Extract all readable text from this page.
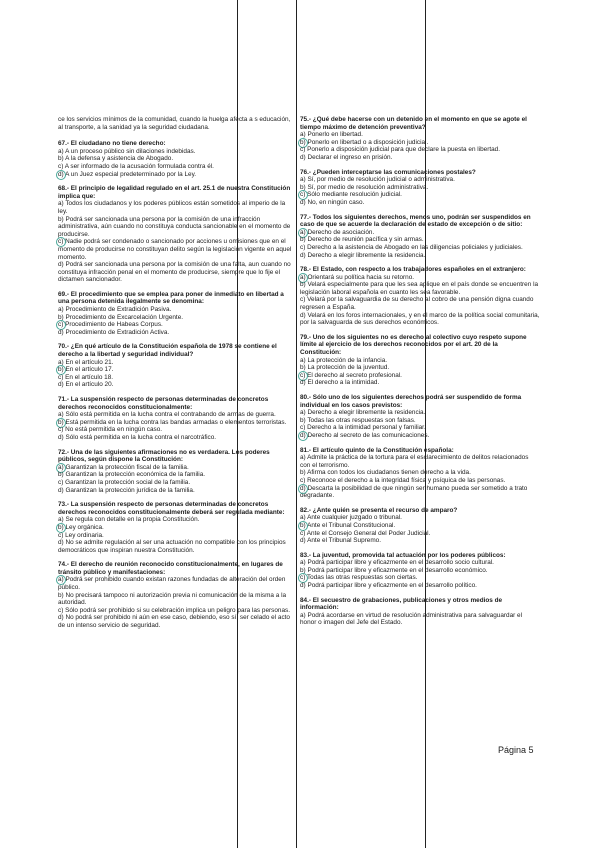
ce los servicios mínimos de la comunidad, cuando la huelga afecta a s educación, al transporte, a la sanidad ya la seguridad ciudadana.
67.- El ciudadano no tiene derecho:
a) A un proceso público sin dilaciones indebidas.
b) A la defensa y asistencia de Abogado.
c) A ser informado de la acusación formulada contra él.
d) A un Juez especial predeterminado por la Ley.
68.- El principio de legalidad regulado en el art. 25.1 de nuestra Constitución implica que:
a) Todos los ciudadanos y los poderes públicos están sometidos al imperio de la ley.
b) Podrá ser sancionada una persona por la comisión de una infracción administrativa, aún cuando no constituya conducta sancionable en el momento de producirse.
c) Nadie podrá ser condenado o sancionado por acciones u omisiones que en el momento de producirse no constituyan delito según la legislación vigente en aquel momento.
d) Podrá ser sancionada una persona por la comisión de una falta, aun cuando no constituya infracción penal en el momento de producirse, siempre que lo fije el dictamen sancionador.
69.- El procedimiento que se emplea para poner de inmediato en libertad a una persona detenida ilegalmente se denomina:
a) Procedimiento de Extradición Pasiva.
b) Procedimiento de Excarcelación Urgente.
c) Procedimiento de Habeas Corpus.
d) Procedimiento de Extradición Activa.
70.- ¿En qué artículo de la Constitución española de 1978 se contiene el derecho a la libertad y seguridad individual?
a) En el artículo 21.
b) En el artículo 17.
c) En el artículo 18.
d) En el artículo 20.
71.- La suspensión respecto de personas determinadas de concretos derechos reconocidos constitucionalmente:
a) Sólo está permitida en la lucha contra el contrabando de armas de guerra.
b) Está permitida en la lucha contra las bandas armadas o elementos terroristas.
c) No está permitida en ningún caso.
d) Sólo está permitida en la lucha contra el narcotráfico.
72.- Una de las siguientes afirmaciones no es verdadera. Los poderes públicos, según dispone la Constitución:
a) Garantizan la protección fiscal de la familia.
b) Garantizan la protección económica de la familia.
c) Garantizan la protección social de la familia.
d) Garantizan la protección jurídica de la familia.
73.- La suspensión respecto de personas determinadas de concretos derechos reconocidos constitucionalmente deberá ser regulada mediante:
a) Se regula con detalle en la propia Constitución.
b) Ley orgánica.
c) Ley ordinaria.
d) No se admite regulación al ser una actuación no compatible con los principios democráticos que inspiran nuestra Constitución.
74.- El derecho de reunión reconocido constitucionalmente, en lugares de tránsito público y manifestaciones:
a) Podrá ser prohibido cuando existan razones fundadas de alteración del orden público.
b) No precisará tampoco ni autorización previa ni comunicación de la misma a la autoridad.
c) Sólo podrá ser prohibido si su celebración implica un peligro para las personas.
d) No podrá ser prohibido ni aún en ese caso, debiendo, eso sí, ser celado el acto de un intenso servicio de seguridad.
75.- ¿Qué debe hacerse con un detenido en el momento en que se agote el tiempo máximo de detención preventiva?
a) Ponerlo en libertad.
b) Ponerlo en libertad o a disposición judicial.
c) Ponerlo a disposición judicial para que declare la puesta en libertad.
d) Declarar el ingreso en prisión.
76.- ¿Pueden interceptarse las comunicaciones postales?
a) Sí, por medio de resolución judicial o administrativa.
b) Sí, por medio de resolución administrativa.
c) Sólo mediante resolución judicial.
d) No, en ningún caso.
77.- Todos los siguientes derechos, menos uno, podrán ser suspendidos en caso de que se acuerde la declaración de estado de excepción o de sitio:
a) Derecho de asociación.
b) Derecho de reunión pacífica y sin armas.
c) Derecho a la asistencia de Abogado en las diligencias policiales y judiciales.
d) Derecho a elegir libremente la residencia.
78.- El Estado, con respecto a los trabajadores españoles en el extranjero:
a) Orientará su política hacia su retorno.
b) Velará especialmente para que les sea aplique en el país donde se encuentren la legislación laboral española en cuanto les sea favorable.
c) Velará por la salvaguardia de su derecho al cobro de una pensión digna cuando regresen a España.
d) Velará en los foros internacionales, y en el marco de la política social comunitaria, por la salvaguarda de sus derechos económicos.
79.- Uno de los siguientes no es derecho al colectivo cuyo respeto supone límite al ejercicio de los derechos reconocidos por el art. 20 de la Constitución:
a) La protección de la infancia.
b) La protección de la juventud.
c) El derecho al secreto profesional.
d) El derecho a la intimidad.
80.- Sólo uno de los siguientes derechos podrá ser suspendido de forma individual en los casos previstos:
a) Derecho a elegir libremente la residencia.
b) Todas las otras respuestas son falsas.
c) Derecho a la intimidad personal y familiar.
d) Derecho al secreto de las comunicaciones.
81.- El artículo quinto de la Constitución española:
a) Admite la práctica de la tortura para el esclarecimiento de delitos relacionados con el terrorismo.
b) Afirma con todos los ciudadanos tienen derecho a la vida.
c) Reconoce el derecho a la integridad física y psíquica de las personas.
d) Descarta la posibilidad de que ningún ser humano pueda ser sometido a trato degradante.
82.- ¿Ante quién se presenta el recurso de amparo?
a) Ante cualquier juzgado o tribunal.
b) Ante el Tribunal Constitucional.
c) Ante el Consejo General del Poder Judicial.
d) Ante el Tribunal Supremo.
83.- La juventud, promovida tal actuación por los poderes públicos:
a) Podrá participar libre y eficazmente en el desarrollo socio cultural.
b) Podrá participar libre y eficazmente en el desarrollo económico.
c) Todas las otras respuestas son ciertas.
d) Podrá participar libre y eficazmente en el desarrollo político.
84.- El secuestro de grabaciones, publicaciones y otros medios de información:
a) Podrá acordarse en virtud de resolución administrativa para salvaguardar el honor o imagen del Jefe del Estado.
Página 5
